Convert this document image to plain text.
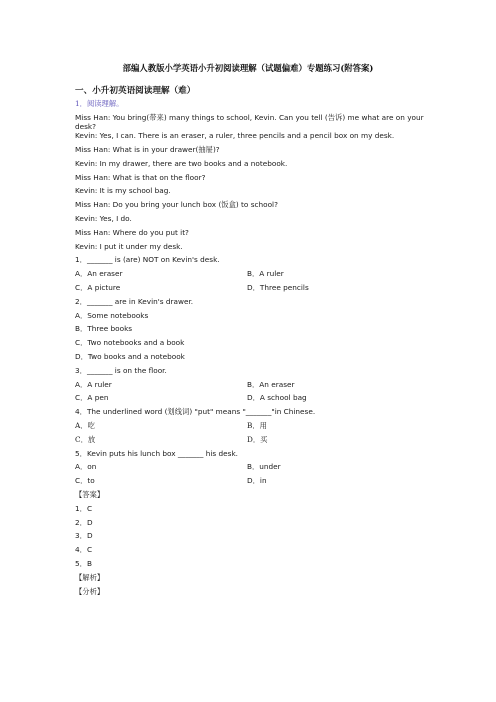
部编人教版小学英语小升初阅读理解（试题偏难）专题练习(附答案)
一、小升初英语阅读理解（难）

1．阅读理解。

Miss Han: You bring(带来) many things to school, Kevin. Can you tell (告诉) me what are on your desk?

Kevin: Yes, I can. There is an eraser, a ruler, three pencils and a pencil box on my desk.

Miss Han: What is in your drawer(抽屉)?

Kevin: In my drawer, there are two books and a notebook.

Miss Han: What is that on the floor?

Kevin: It is my school bag.

Miss Han: Do you bring your lunch box (饭盒) to school?

Kevin: Yes, I do.

Miss Han: Where do you put it?

Kevin: I put it under my desk.

1．_______ is (are) NOT on Kevin's desk.

A．An eraser	B．A ruler
C．A picture	D．Three pencils

2．_______ are in Kevin's drawer.

A．Some notebooks

B．Three books

C．Two notebooks and a book

D．Two books and a notebook

3．_______ is on the floor.

A．A ruler	B．An eraser
C．A pen	D．A school bag

4．The underlined word (划线词) "put" means "_______"in Chinese.

A．吃	B．用
C．放	D．买

5．Kevin puts his lunch box _______ his desk.

A．on	B．under
C．to	D．in

【答案】

1．C

2．D

3．D

4．C

5．B

【解析】

【分析】
